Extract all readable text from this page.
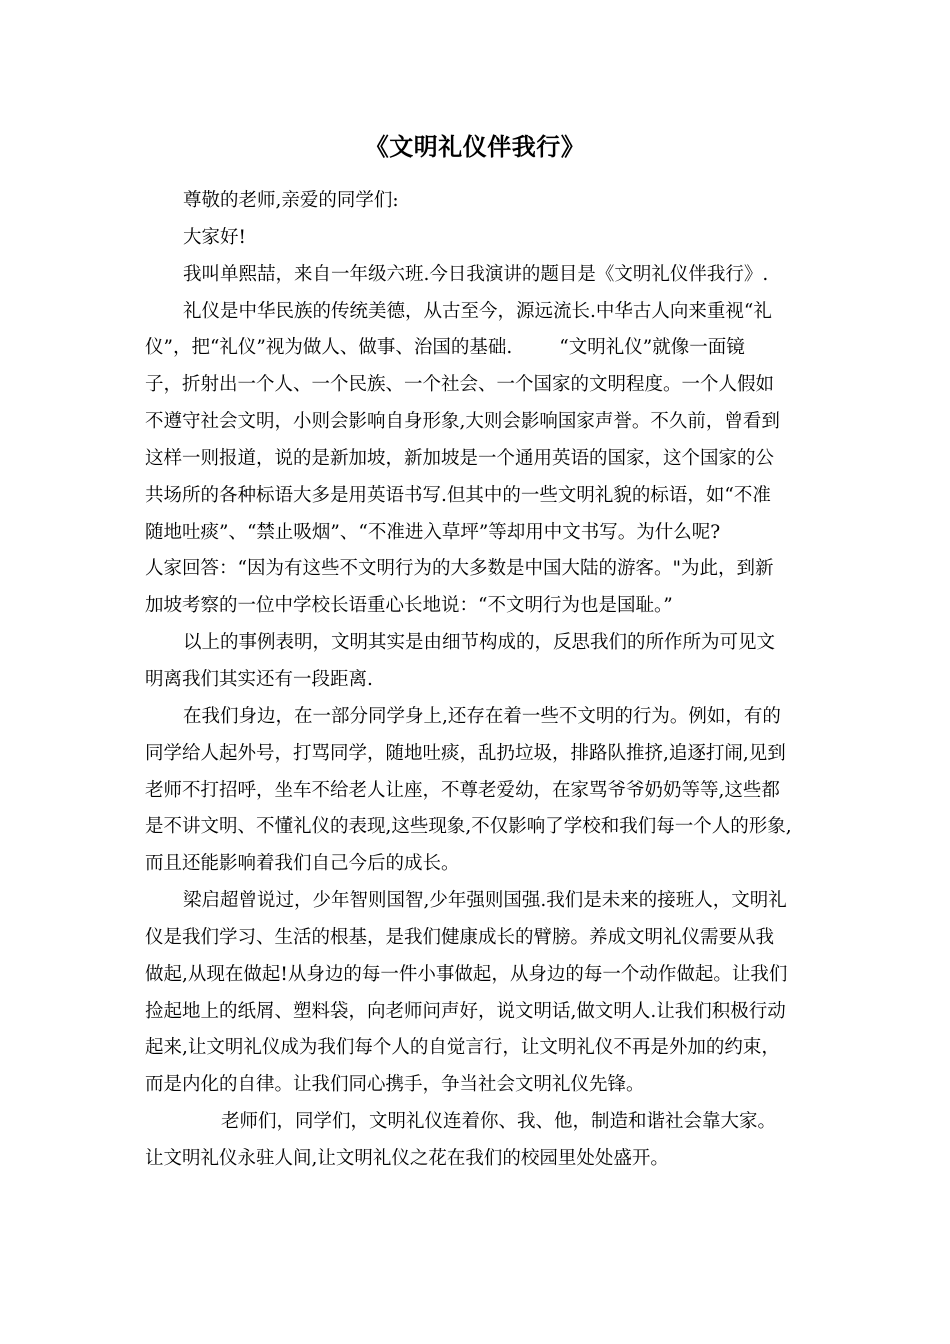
《文明礼仪伴我行》
尊敬的老师,亲爱的同学们:
大家好!
我叫单熙喆，来自一年级六班.今日我演讲的题目是《文明礼仪伴我行》.
礼仪是中华民族的传统美德，从古至今，源远流长.中华古人向来重视“礼
仪”，把“礼仪”视为做人、做事、治国的基础.        “文明礼仪”就像一面镜
子，折射出一个人、一个民族、一个社会、一个国家的文明程度。一个人假如
不遵守社会文明，小则会影响自身形象,大则会影响国家声誉。不久前，曾看到
这样一则报道，说的是新加坡，新加坡是一个通用英语的国家，这个国家的公
共场所的各种标语大多是用英语书写.但其中的一些文明礼貌的标语，如“不准
随地吐痰”、“禁止吸烟”、“不准进入草坪”等却用中文书写。为什么呢?
人家回答：“因为有这些不文明行为的大多数是中国大陆的游客。"为此，到新
加坡考察的一位中学校长语重心长地说：“不文明行为也是国耻。”
以上的事例表明，文明其实是由细节构成的，反思我们的所作所为可见文
明离我们其实还有一段距离.
在我们身边，在一部分同学身上,还存在着一些不文明的行为。例如，有的
同学给人起外号，打骂同学，随地吐痰，乱扔垃圾，排路队推挤,追逐打闹,见到
老师不打招呼，坐车不给老人让座，不尊老爱幼，在家骂爷爷奶奶等等,这些都
是不讲文明、不懂礼仪的表现,这些现象,不仅影响了学校和我们每一个人的形象,
而且还能影响着我们自己今后的成长。
梁启超曾说过，少年智则国智,少年强则国强.我们是未来的接班人，文明礼
仪是我们学习、生活的根基，是我们健康成长的臂膀。养成文明礼仪需要从我
做起,从现在做起!从身边的每一件小事做起，从身边的每一个动作做起。让我们
捡起地上的纸屑、塑料袋，向老师问声好，说文明话,做文明人.让我们积极行动
起来,让文明礼仪成为我们每个人的自觉言行，让文明礼仪不再是外加的约束，
而是内化的自律。让我们同心携手，争当社会文明礼仪先锋。
老师们，同学们，文明礼仪连着你、我、他，制造和谐社会靠大家。
让文明礼仪永驻人间,让文明礼仪之花在我们的校园里处处盛开。
